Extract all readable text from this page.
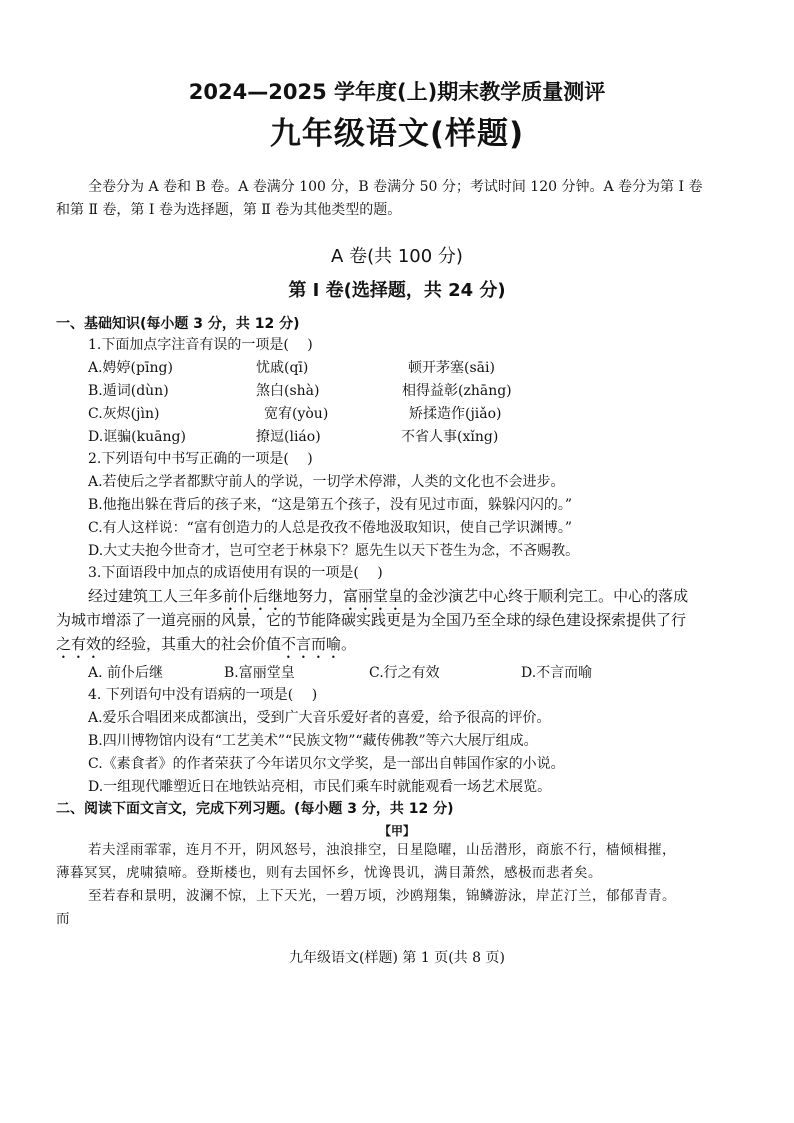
2024—2025 学年度(上)期末教学质量测评
九年级语文(样题)
全卷分为 A 卷和 B 卷。A 卷满分 100 分，B 卷满分 50 分；考试时间 120 分钟。A 卷分为第 Ⅰ 卷
和第 Ⅱ 卷，第 Ⅰ 卷为选择题，第 Ⅱ 卷为其他类型的题。
A 卷(共 100 分)
第 Ⅰ 卷(选择题，共 24 分)
一、基础知识(每小题 3 分，共 12 分)
1.下面加点字注音有误的一项是(　 )
A.娉婷(pīng)	忧戚(qī)	顿开茅塞(sāi)
B.遁词(dùn)	煞白(shà)	相得益彰(zhāng)
C.灰烬(jìn)	宽宥(yòu)	矫揉造作(jiǎo)
D.诓骗(kuāng)	撩逗(liáo)	不省人事(xǐng)
2.下列语句中书写正确的一项是(　 )
A.若使后之学者都默守前人的学说，一切学术停滞，人类的文化也不会进步。
B.他拖出躲在背后的孩子来，“这是第五个孩子，没有见过市面，躲躲闪闪的。”
C.有人这样说：“富有创造力的人总是孜孜不倦地汲取知识，使自己学识渊博。”
D.大丈夫抱今世奇才，岂可空老于林泉下？愿先生以天下苍生为念，不吝赐教。
3.下面语段中加点的成语使用有误的一项是(　 )
经过建筑工人三年多前仆后继地努力，富丽堂皇的金沙演艺中心终于顺利完工。中心的落成
为城市增添了一道亮丽的风景，它的节能降碳实践更是为全国乃至全球的绿色建设探索提供了行
之有效的经验，其重大的社会价值不言而喻。
A. 前仆后继	B.富丽堂皇	C.行之有效	D.不言而喻
4. 下列语句中没有语病的一项是(　 )
A.爱乐合唱团来成都演出，受到广大音乐爱好者的喜爱，给予很高的评价。
B.四川博物馆内设有“工艺美术”“民族文物”“藏传佛教”等六大展厅组成。
C.《素食者》的作者荣获了今年诺贝尔文学奖，是一部出自韩国作家的小说。
D.一组现代雕塑近日在地铁站亮相，市民们乘车时就能观看一场艺术展览。
二、阅读下面文言文，完成下列习题。(每小题 3 分，共 12 分)
【甲】
若夫淫雨霏霏，连月不开，阴风怒号，浊浪排空，日星隐曜，山岳潜形，商旅不行，樯倾楫摧，
薄暮冥冥，虎啸猿啼。登斯楼也，则有去国怀乡，忧谗畏讥，满目萧然，感极而悲者矣。
至若春和景明，波澜不惊，上下天光，一碧万顷，沙鸥翔集，锦鳞游泳，岸芷汀兰，郁郁青青。
而
九年级语文(样题) 第 1 页(共 8 页)
